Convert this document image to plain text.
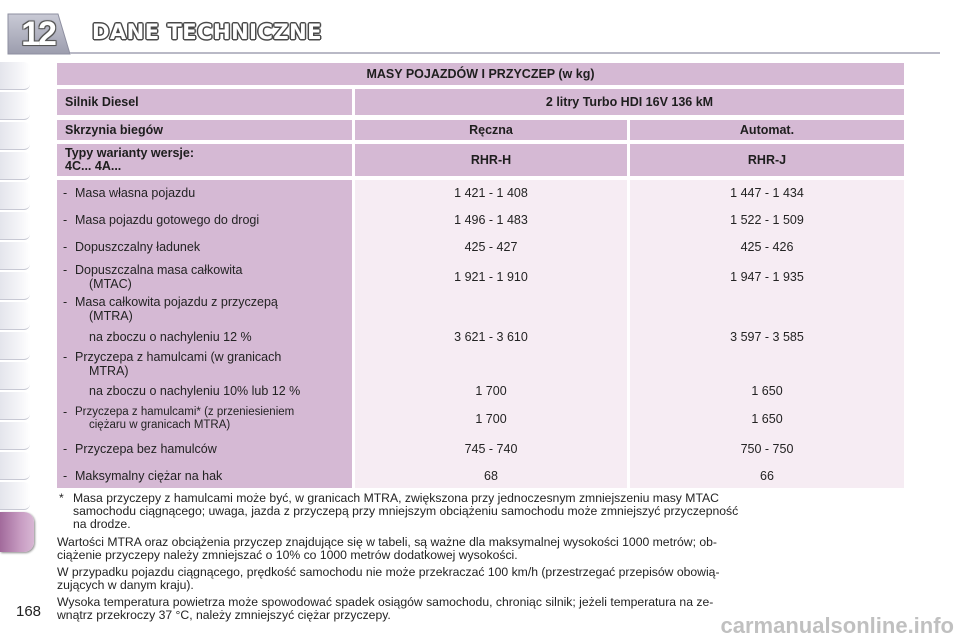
12	DANE TECHNICZNE
MASY POJAZDÓW I PRZYCZEP (w kg)
Silnik Diesel	2 litry Turbo HDI 16V 136 kM
Skrzynia biegów	Ręczna	Automat.
Typy warianty wersje:
4C... 4A...	RHR-H	RHR-J
- Masa własna pojazdu	1 421 - 1 408	1 447 - 1 434
- Masa pojazdu gotowego do drogi	1 496 - 1 483	1 522 - 1 509
- Dopuszczalny ładunek	425 - 427	425 - 426
- Dopuszczalna masa całkowita
(MTAC)	1 921 - 1 910	1 947 - 1 935
- Masa całkowita pojazdu z przyczepą
(MTRA)
na zboczu o nachyleniu 12 %	3 621 - 3 610	3 597 - 3 585
- Przyczepa z hamulcami (w granicach
MTRA)
na zboczu o nachyleniu 10% lub 12 %	1 700	1 650
- Przyczepa z hamulcami* (z przeniesieniem
ciężaru w granicach MTRA)	1 700	1 650
- Przyczepa bez hamulców	745 - 740	750 - 750
- Maksymalny ciężar na hak	68	66
* Masa przyczepy z hamulcami może być, w granicach MTRA, zwiększona przy jednoczesnym zmniejszeniu masy MTAC
samochodu ciągnącego; uwaga, jazda z przyczepą przy mniejszym obciążeniu samochodu może zmniejszyć przyczepność
na drodze.
Wartości MTRA oraz obciążenia przyczep znajdujące się w tabeli, są ważne dla maksymalnej wysokości 1000 metrów; ob-
ciążenie przyczepy należy zmniejszać o 10% co 1000 metrów dodatkowej wysokości.
W przypadku pojazdu ciągnącego, prędkość samochodu nie może przekraczać 100 km/h (przestrzegać przepisów obowią-
zujących w danym kraju).
Wysoka temperatura powietrza może spowodować spadek osiągów samochodu, chroniąc silnik; jeżeli temperatura na ze-
wnątrz przekroczy 37 °C, należy zmniejszyć ciężar przyczepy.
168
carmanualsonline.info
